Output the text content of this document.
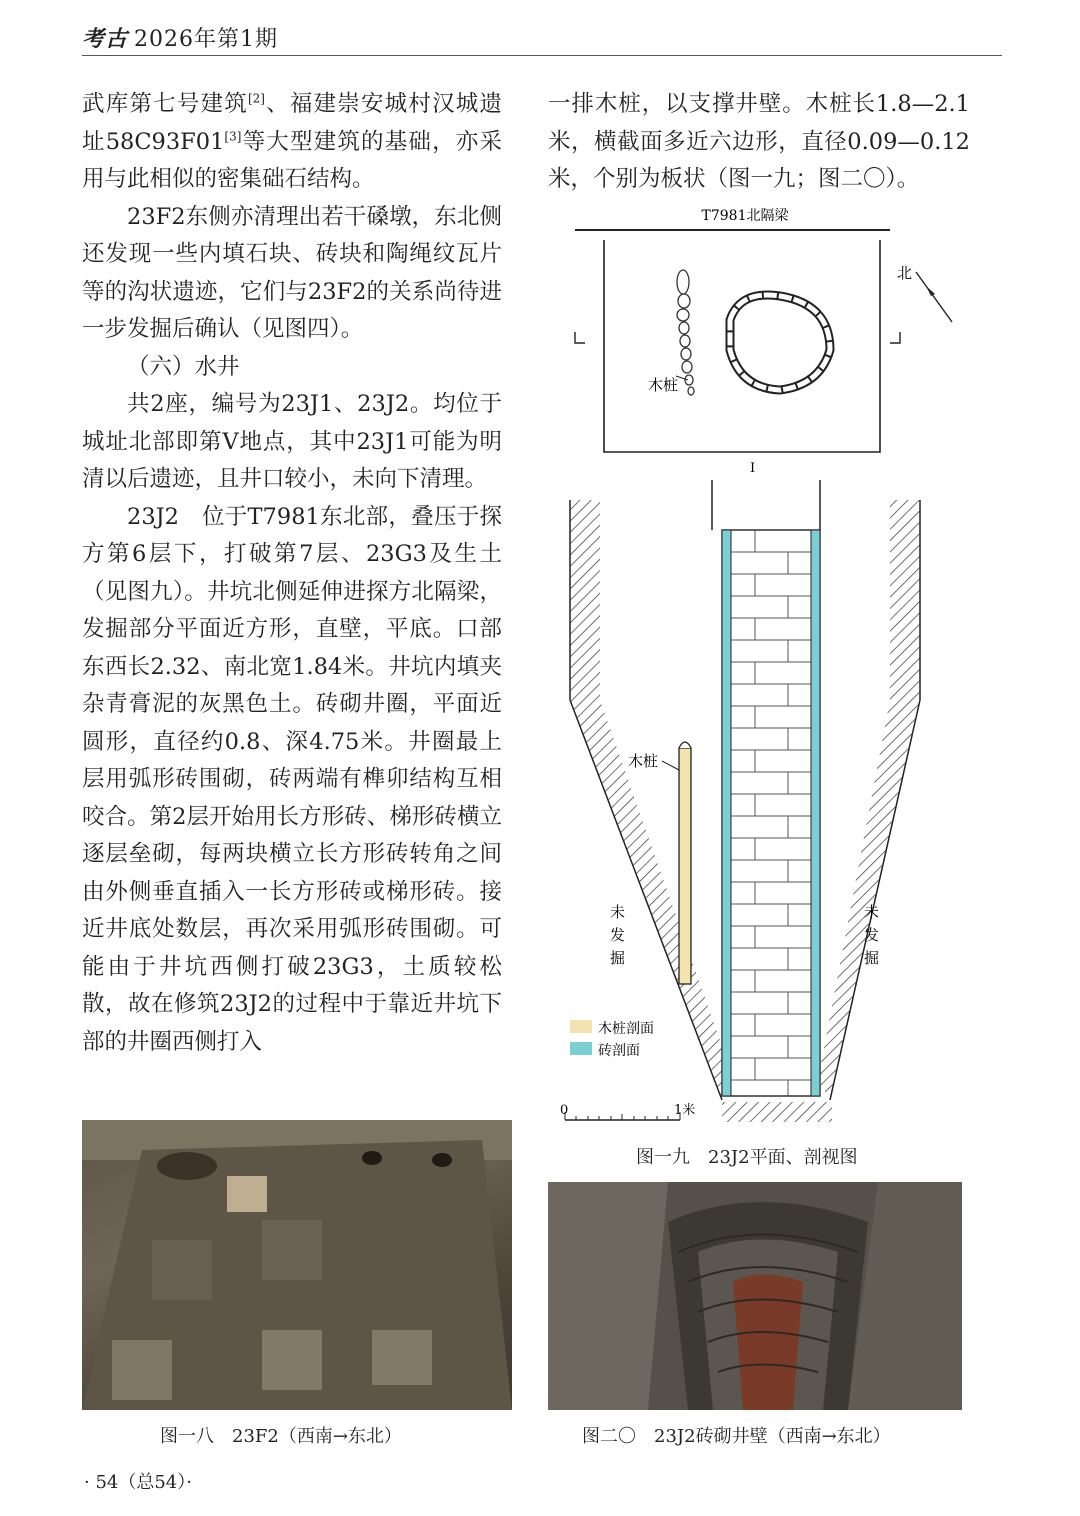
考古 2026年第1期

武库第七号建筑[2]、福建崇安城村汉城遗址58C93F01[3]等大型建筑的基础，亦采用与此相似的密集础石结构。

23F2东侧亦清理出若干磉墩，东北侧还发现一些内填石块、砖块和陶绳纹瓦片等的沟状遗迹，它们与23F2的关系尚待进一步发掘后确认（见图四）。

（六）水井

共2座，编号为23J1、23J2。均位于城址北部即第Ⅴ地点，其中23J1可能为明清以后遗迹，且井口较小，未向下清理。

23J2　位于T7981东北部，叠压于探方第6层下，打破第7层、23G3及生土（见图九）。井坑北侧延伸进探方北隔梁，发掘部分平面近方形，直壁，平底。口部东西长2.32、南北宽1.84米。井坑内填夹杂青膏泥的灰黑色土。砖砌井圈，平面近圆形，直径约0.8、深4.75米。井圈最上层用弧形砖围砌，砖两端有榫卯结构互相咬合。第2层开始用长方形砖、梯形砖横立逐层垒砌，每两块横立长方形砖转角之间由外侧垂直插入一长方形砖或梯形砖。接近井底处数层，再次采用弧形砖围砌。可能由于井坑西侧打破23G3，土质较松散，故在修筑23J2的过程中于靠近井坑下部的井圈西侧打入

一排木桩，以支撑井壁。木桩长1.8—2.1米，横截面多近六边形，直径0.09—0.12米，个别为板状（图一九；图二〇）。

T7981北隔梁
北
木桩
I
木桩
未
发
掘
未
发
掘
木桩剖面
砖剖面
0	1米
图一九　23J2平面、剖视图
图一八　23F2（西南→东北）	图二〇　23J2砖砌井壁（西南→东北）
· 54（总54）·
